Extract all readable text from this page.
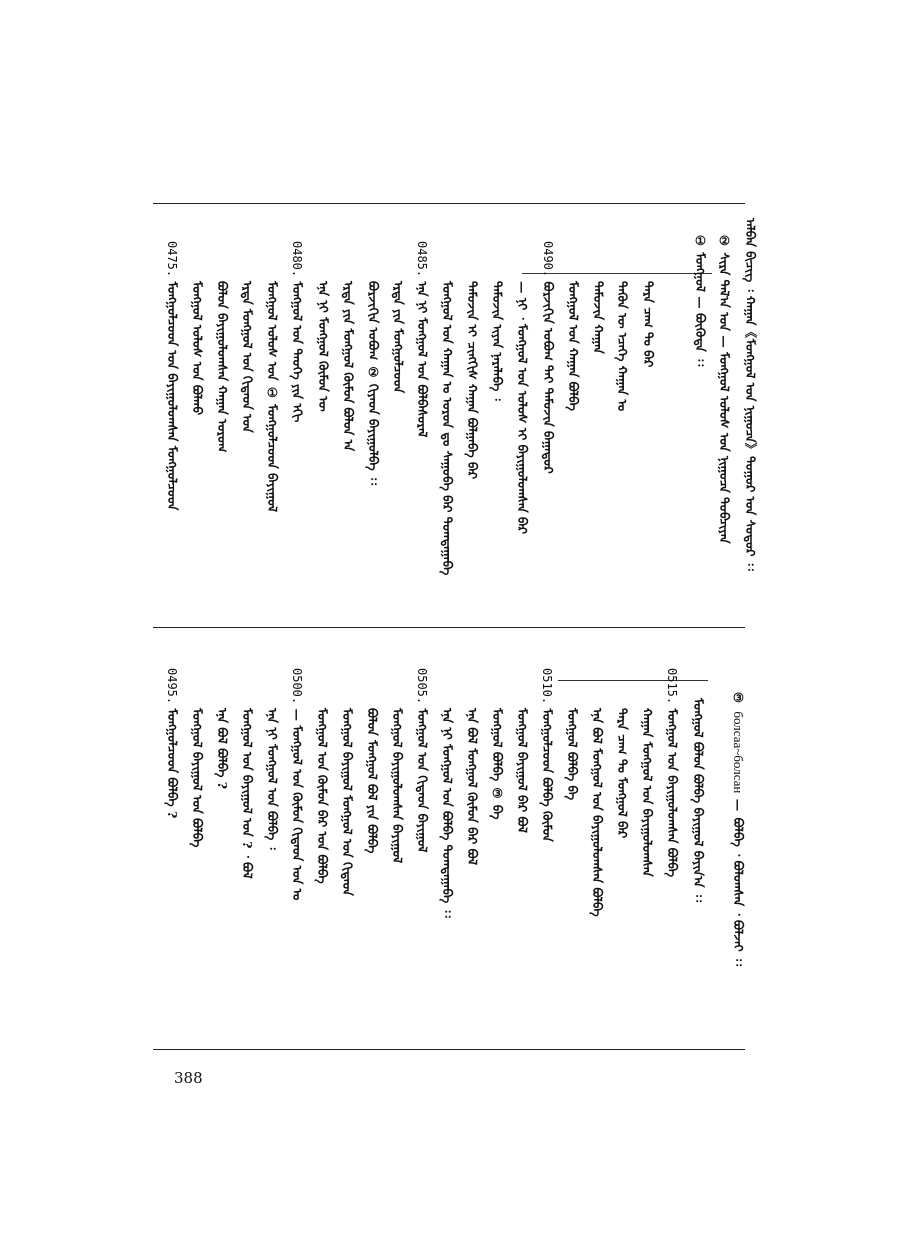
ᠠᠯᠪᠠᠨ ᠪᠢᠴᠢᠭ᠌ ᠄ ᠬᠠᠭᠠᠨ《ᠮᠣᠩᠭᠣᠯ ᠤᠨ ᠨᠢᠭᠤᠴᠠ》ᠳᠣᠭ᠋ᠣᠷ ᠤᠨ ᠰᠤᠳᠤᠷ ᠄᠄
② ᠰᠢᠷᠠ ᠲᠠᠯ᠎ᠠ ᠤᠨ — ᠮᠣᠩᠭᠣᠯ ᠤᠯᠤᠰ ᠤᠨ ᠨᠢᠭᠤᠴᠠ ᠲᠣᠪᠴᠢᠶᠠᠨ
① ᠮᠣᠩᠭᠣᠯ — ᠪᠦᠭᠦᠳᠡ ᠄᠄
ᠲᠡᠷᠡ ᠴᠠᠭ ᠲᠤ ᠪᠠᠷ
ᠲᠡᠭᠦᠨ ᠦ ᠡᠴᠡᠭᠡ ᠬᠠᠭᠠᠨ ᠤ
ᠲᠡᠮᠦᠵᠢᠨ ᠬᠠᠭᠠᠨ
ᠮᠣᠩᠭᠣᠯ ᠤᠨ ᠬᠠᠭᠠᠨ ᠪᠣᠯᠪᠠ
0490. ᠪᠣᠷᠵᠢᠭᠢᠨ ᠣᠪᠣᠭ ᠲᠠᠢ ᠲᠡᠮᠦᠵᠢᠨ ᠪᠠᠭᠠᠲᠤᠷ
— ᠨᠢ ᠂ ᠮᠣᠩᠭᠣᠯ ᠤᠨ ᠤᠯᠤᠰ ᠢ ᠪᠠᠶᠢᠭᠤᠯᠤᠭᠰᠠᠨ ᠪᠠᠷ
ᠲᠡᠮᠦᠵᠢᠨ ᠢᠶᠡᠨ ᠨᠡᠷᠡᠯᠡᠪᠡ ᠄
ᠲᠡᠮᠦᠵᠢᠨ ᠢ ᠴᠢᠩᠭᠢᠰ ᠬᠠᠭᠠᠨ ᠪᠣᠯᠭᠠᠪᠠ ᠪᠠᠷ
ᠮᠣᠩᠭᠣᠯ ᠤᠨ ᠬᠠᠭᠠᠨ ᠤ ᠣᠷᠣᠨ ᠳᠤ ᠰᠠᠭᠤᠪᠠ ᠪᠠᠷ ᠲᠣᠭᠲᠠᠭᠠᠪᠠ
0485. ᠡᠨᠡ ᠨᠢ ᠮᠣᠩᠭᠣᠯ ᠤᠨ ᠪᠣᠯᠪᠠᠰᠤᠷᠠᠯ
ᠡᠷᠲᠡ ᠶᠢᠨ ᠮᠣᠩᠭᠣᠯᠴᠤᠳ
ᠪᠣᠷᠵᠢᠭᠢᠨ ᠣᠪᠣᠭ ② ᠬᠢᠶᠠᠳ ᠪᠠᠶᠢᠭᠤᠯᠪᠠ ᠄᠄
ᠡᠷᠲᠡ ᠶᠢᠨ ᠮᠣᠩᠭᠣᠯ ᠬᠦᠮᠦᠨ ᠪᠣᠯᠤᠨ ᠠ
ᠡᠨᠡ ᠨᠢ ᠮᠣᠩᠭᠣᠯ ᠬᠦᠮᠦᠨ ᠦ
0480. ᠮᠣᠩᠭᠣᠯ ᠤᠨ ᠲᠡᠦᠬᠡ ᠶᠢᠨ ᠡᠬᠢ
ᠮᠣᠩᠭᠣᠯ ᠤᠯᠤᠰ ᠤᠨ ① ᠮᠣᠩᠭᠣᠯᠴᠤᠳ ᠪᠠᠶᠢᠭᠤᠯ
ᠡᠷᠲᠡ ᠮᠣᠩᠭᠣᠯ ᠤᠨ ᠬᠢᠲᠠᠳ ᠤᠨ
ᠪᠣᠯᠤᠨ ᠪᠠᠶᠢᠭᠤᠯᠤᠭᠰᠠᠨ ᠬᠠᠭᠠᠨ ᠤᠷᠤᠭ
ᠮᠣᠩᠭᠣᠯ ᠤᠯᠤᠰ ᠤᠨ ᠪᠣᠯᠬᠣ
0475. ᠮᠣᠩᠭᠣᠯᠴᠤᠳ ᠤᠨ ᠪᠠᠶᠢᠭᠤᠯᠤᠭᠰᠠᠨ ᠮᠣᠩᠭᠣᠯᠴᠤᠳ
③ болсаа~болсан — ᠪᠣᠯᠪᠠ ᠂ ᠪᠣᠯᠤᠭᠰᠠᠨ ᠂ ᠪᠣᠯᠵᠠᠢ ᠄᠄
ᠮᠣᠩᠭᠣᠯ ᠪᠣᠯᠤᠨ ᠪᠣᠯᠪᠠ ᠪᠠᠶᠢᠭᠤᠯ ᠪᠠᠶᠢᠨ᠎ᠠ ᠄᠄
0515. ᠮᠣᠩᠭᠣᠯ ᠤᠨ ᠪᠠᠶᠢᠭᠤᠯᠤᠭᠰᠠᠨ ᠪᠣᠯᠪᠠ
ᠬᠠᠭᠠᠨ ᠮᠣᠩᠭᠣᠯ ᠤᠨ ᠪᠠᠶᠢᠭᠤᠯᠤᠭᠰᠠᠨ
ᠲᠡᠷᠡ ᠴᠠᠭ ᠲᠤ ᠮᠣᠩᠭᠣᠯ ᠪᠠᠷ
ᠡᠨᠡ ᠪᠣᠯ ᠮᠣᠩᠭᠣᠯ ᠤᠨ ᠪᠠᠶᠢᠭᠤᠯᠤᠭᠰᠠᠨ ᠪᠣᠯᠪᠠ
ᠮᠣᠩᠭᠣᠯ ᠪᠣᠯᠪᠠ ᠪᠠ
0510. ᠮᠣᠩᠭᠣᠯᠴᠤᠳ ᠪᠣᠯᠪᠠ ᠬᠦᠮᠦᠨ
ᠮᠣᠩᠭᠣᠯ ᠪᠠᠶᠢᠭᠤᠯ ᠪᠠᠷ ᠪᠣᠯ
ᠮᠣᠩᠭᠣᠯ ᠪᠣᠯᠪᠠ ③ ᠪᠠ
ᠡᠨᠡ ᠪᠣᠯ ᠮᠣᠩᠭᠣᠯ ᠬᠦᠮᠦᠨ ᠪᠠᠷ ᠪᠣᠯ
ᠡᠨᠡ ᠨᠢ ᠮᠣᠩᠭᠣᠯ ᠤᠨ ᠪᠣᠯᠪᠠ ᠲᠣᠭᠲᠠᠭᠠᠪᠠ ᠄᠄
0505. ᠮᠣᠩᠭᠣᠯ ᠤᠨ ᠬᠢᠲᠠᠳ ᠪᠠᠶᠢᠭᠤᠯ
ᠮᠣᠩᠭᠣᠯ ᠪᠠᠶᠢᠭᠤᠯᠤᠭᠰᠠᠨ ᠪᠠᠶᠢᠭᠤᠯ
ᠪᠣᠯᠤᠨ ᠮᠣᠩᠭᠣᠯ ᠪᠣᠯ ᠶᠢᠨ ᠪᠣᠯᠪᠠ
ᠮᠣᠩᠭᠣᠯ ᠪᠠᠶᠢᠭᠤᠯ ᠮᠣᠩᠭᠣᠯ ᠤᠨ ᠬᠢᠲᠠᠳ
ᠮᠣᠩᠭᠣᠯ ᠤᠨ ᠬᠦᠮᠦᠨ ᠪᠠᠷ ᠤᠨ ᠪᠣᠯᠪᠠ
0500. — ᠮᠣᠩᠭᠣᠯ ᠤᠨ ᠬᠦᠮᠦᠨ ᠬᠢᠲᠠᠳ ᠤᠨ ᠤ
ᠡᠨᠡ ᠨᠢ ᠮᠣᠩᠭᠣᠯ ᠤᠨ ᠪᠣᠯᠪᠠ ᠄
ᠮᠣᠩᠭᠣᠯ ᠤᠨ ᠪᠠᠶᠢᠭᠤᠯ ᠤᠨ ? ᠂ ᠪᠣᠯ
ᠡᠨᠡ ᠪᠣᠯ ᠪᠣᠯᠪᠠ ?
ᠮᠣᠩᠭᠣᠯ ᠪᠠᠶᠢᠭᠤᠯ ᠤᠨ ᠪᠣᠯᠪᠠ
0495. ᠮᠣᠩᠭᠣᠯᠴᠤᠳ ᠪᠣᠯᠪᠠ ?
388
